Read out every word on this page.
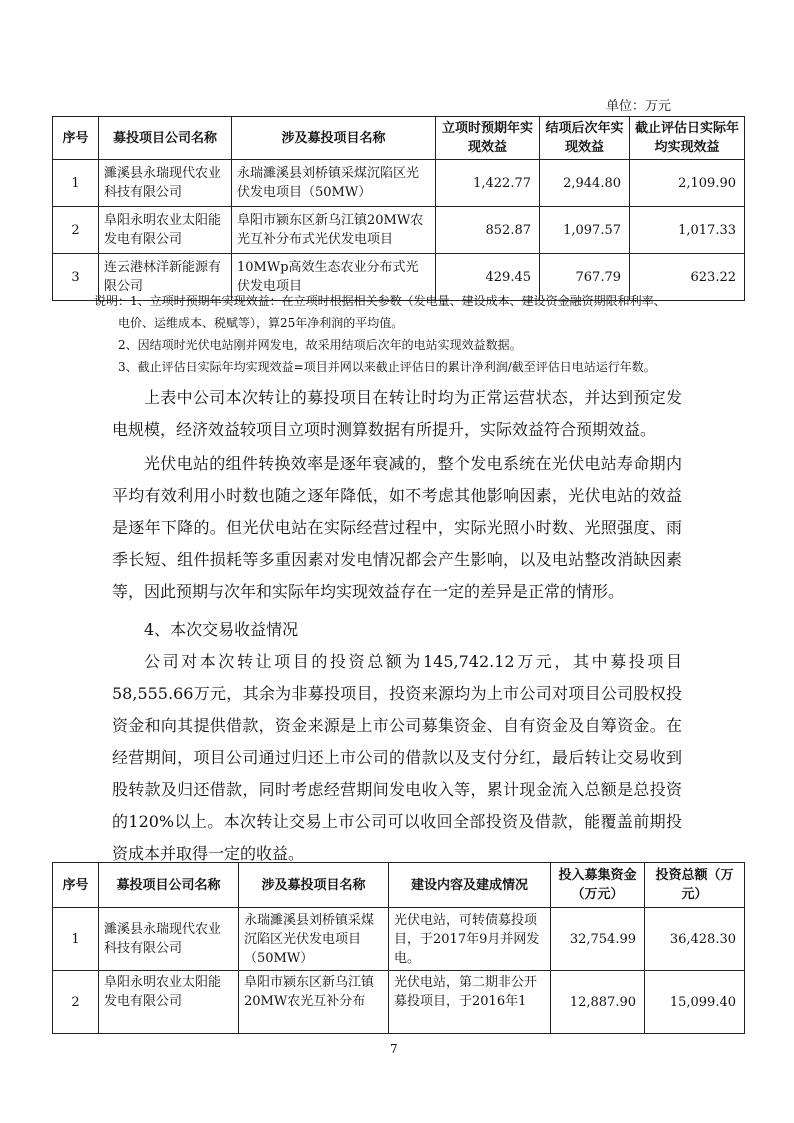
单位：万元
序号	募投项目公司名称	涉及募投项目名称	立项时预期年实现效益	结项后次年实现效益	截止评估日实际年均实现效益
1	濉溪县永瑞现代农业科技有限公司	永瑞濉溪县刘桥镇采煤沉陷区光伏发电项目（50MW）	1,422.77	2,944.80	2,109.90
2	阜阳永明农业太阳能发电有限公司	阜阳市颍东区新乌江镇20MW农光互补分布式光伏发电项目	852.87	1,097.57	1,017.33
3	连云港林洋新能源有限公司	10MWp高效生态农业分布式光伏发电项目	429.45	767.79	623.22

说明：1、立项时预期年实现效益：在立项时根据相关参数（发电量、建设成本、建设资金融资期限和利率、

电价、运维成本、税赋等），算25年净利润的平均值。

2、因结项时光伏电站刚并网发电，故采用结项后次年的电站实现效益数据。

3、截止评估日实际年均实现效益=项目并网以来截止评估日的累计净利润/截至评估日电站运行年数。

上表中公司本次转让的募投项目在转让时均为正常运营状态，并达到预定发电规模，经济效益较项目立项时测算数据有所提升，实际效益符合预期效益。

光伏电站的组件转换效率是逐年衰减的，整个发电系统在光伏电站寿命期内平均有效利用小时数也随之逐年降低，如不考虑其他影响因素，光伏电站的效益是逐年下降的。但光伏电站在实际经营过程中，实际光照小时数、光照强度、雨季长短、组件损耗等多重因素对发电情况都会产生影响，以及电站整改消缺因素等，因此预期与次年和实际年均实现效益存在一定的差异是正常的情形。

4、本次交易收益情况

公司对本次转让项目的投资总额为145,742.12万元，其中募投项目58,555.66万元，其余为非募投项目，投资来源均为上市公司对项目公司股权投资金和向其提供借款，资金来源是上市公司募集资金、自有资金及自筹资金。在经营期间，项目公司通过归还上市公司的借款以及支付分红，最后转让交易收到股转款及归还借款，同时考虑经营期间发电收入等，累计现金流入总额是总投资的120%以上。本次转让交易上市公司可以收回全部投资及借款，能覆盖前期投资成本并取得一定的收益。

序号	募投项目公司名称	涉及募投项目名称	建设内容及建成情况	投入募集资金（万元）	投资总额（万元）
1	濉溪县永瑞现代农业科技有限公司	永瑞濉溪县刘桥镇采煤沉陷区光伏发电项目（50MW）	光伏电站，可转债募投项目，于2017年9月并网发电。	32,754.99	36,428.30
2	阜阳永明农业太阳能发电有限公司	阜阳市颍东区新乌江镇20MW农光互补分布	光伏电站，第二期非公开募投项目，于2016年1	12,887.90	15,099.40
7
